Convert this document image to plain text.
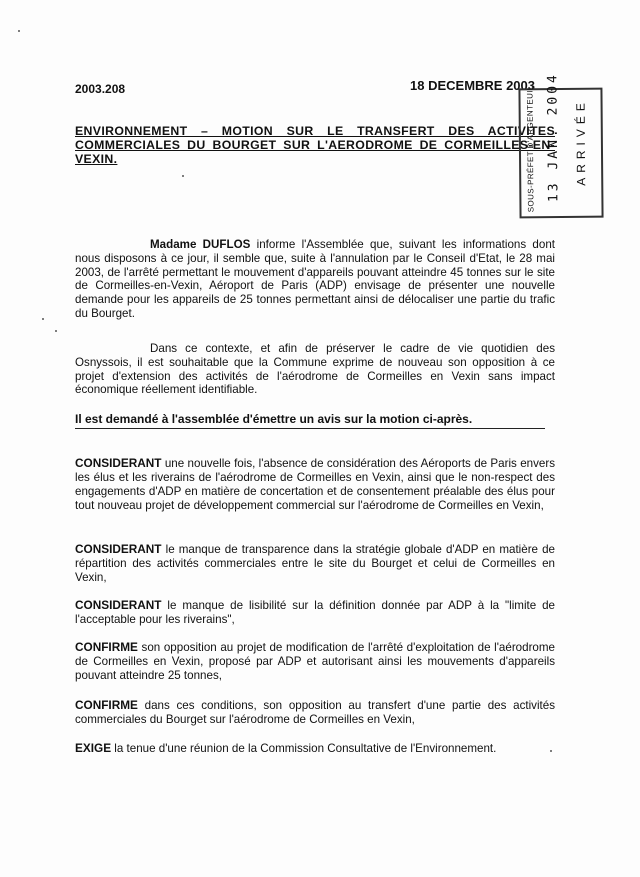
2003.208	18 DECEMBRE 2003
ENVIRONNEMENT – MOTION SUR LE TRANSFERT DES ACTIVITES COMMERCIALES DU BOURGET SUR L'AERODROME DE CORMEILLES-EN-VEXIN.	SOUS-PRÉFET D'ARGENTEUIL 13 JAN. 2004 ARRIVÉE
Madame DUFLOS informe l'Assemblée que, suivant les informations dont nous disposons à ce jour, il semble que, suite à l'annulation par le Conseil d'Etat, le 28 mai 2003, de l'arrêté permettant le mouvement d'appareils pouvant atteindre 45 tonnes sur le site de Cormeilles-en-Vexin, Aéroport de Paris (ADP) envisage de présenter une nouvelle demande pour les appareils de 25 tonnes permettant ainsi de délocaliser une partie du trafic du Bourget.
Dans ce contexte, et afin de préserver le cadre de vie quotidien des Osnyssois, il est souhaitable que la Commune exprime de nouveau son opposition à ce projet d'extension des activités de l'aérodrome de Cormeilles en Vexin sans impact économique réellement identifiable.
Il est demandé à l'assemblée d'émettre un avis sur la motion ci-après.
CONSIDERANT une nouvelle fois, l'absence de considération des Aéroports de Paris envers les élus et les riverains de l'aérodrome de Cormeilles en Vexin, ainsi que le non-respect des engagements d'ADP en matière de concertation et de consentement préalable des élus pour tout nouveau projet de développement commercial sur l'aérodrome de Cormeilles en Vexin,
CONSIDERANT le manque de transparence dans la stratégie globale d'ADP en matière de répartition des activités commerciales entre le site du Bourget et celui de Cormeilles en Vexin,
CONSIDERANT le manque de lisibilité sur la définition donnée par ADP à la "limite de l'acceptable pour les riverains",
CONFIRME son opposition au projet de modification de l'arrêté d'exploitation de l'aérodrome de Cormeilles en Vexin, proposé par ADP et autorisant ainsi les mouvements d'appareils pouvant atteindre 25 tonnes,
CONFIRME dans ces conditions, son opposition au transfert d'une partie des activités commerciales du Bourget sur l'aérodrome de Cormeilles en Vexin,
EXIGE la tenue d'une réunion de la Commission Consultative de l'Environnement.
